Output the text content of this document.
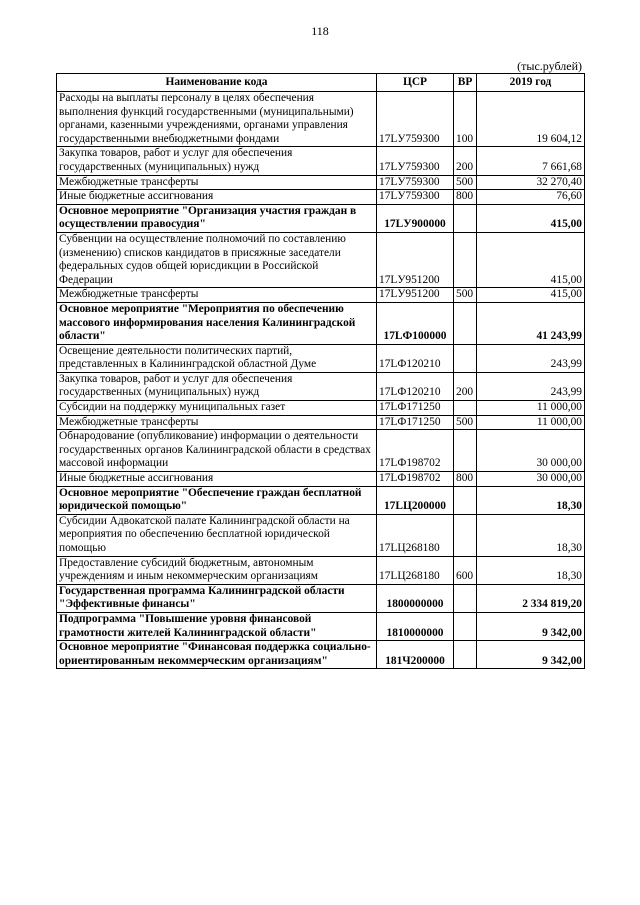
118
(тыс.рублей)
Наименование кода	ЦСР	ВР	2019 год
Расходы на выплаты персоналу в целях обеспечения выполнения функций государственными (муниципальными) органами, казенными учреждениями, органами управления государственными внебюджетными фондами	17LУ759300	100	19 604,12
Закупка товаров, работ и услуг для обеспечения государственных (муниципальных) нужд	17LУ759300	200	7 661,68
Межбюджетные трансферты	17LУ759300	500	32 270,40
Иные бюджетные ассигнования	17LУ759300	800	76,60
Основное мероприятие "Организация участия граждан в осуществлении правосудия"	17LУ900000		415,00
Субвенции на осуществление полномочий по составлению (изменению) списков кандидатов в присяжные заседатели федеральных судов общей юрисдикции в Российской Федерации	17LУ951200		415,00
Межбюджетные трансферты	17LУ951200	500	415,00
Основное мероприятие "Мероприятия по обеспечению массового информирования населения Калининградской области"	17LФ100000		41 243,99
Освещение деятельности политических партий, представленных в Калининградской областной Думе	17LФ120210		243,99
Закупка товаров, работ и услуг для обеспечения государственных (муниципальных) нужд	17LФ120210	200	243,99
Субсидии на поддержку муниципальных газет	17LФ171250		11 000,00
Межбюджетные трансферты	17LФ171250	500	11 000,00
Обнародование (опубликование) информации о деятельности государственных органов Калининградской области в средствах массовой информации	17LФ198702		30 000,00
Иные бюджетные ассигнования	17LФ198702	800	30 000,00
Основное мероприятие "Обеспечение граждан бесплатной юридической помощью"	17LЦ200000		18,30
Субсидии Адвокатской палате Калининградской области на мероприятия по обеспечению бесплатной юридической помощью	17LЦ268180		18,30
Предоставление субсидий бюджетным, автономным учреждениям и иным некоммерческим организациям	17LЦ268180	600	18,30
Государственная программа Калининградской области "Эффективные финансы"	1800000000		2 334 819,20
Подпрограмма "Повышение уровня финансовой грамотности жителей Калининградской области"	1810000000		9 342,00
Основное мероприятие "Финансовая поддержка социально-ориентированным некоммерческим организациям"	181Ч200000		9 342,00
